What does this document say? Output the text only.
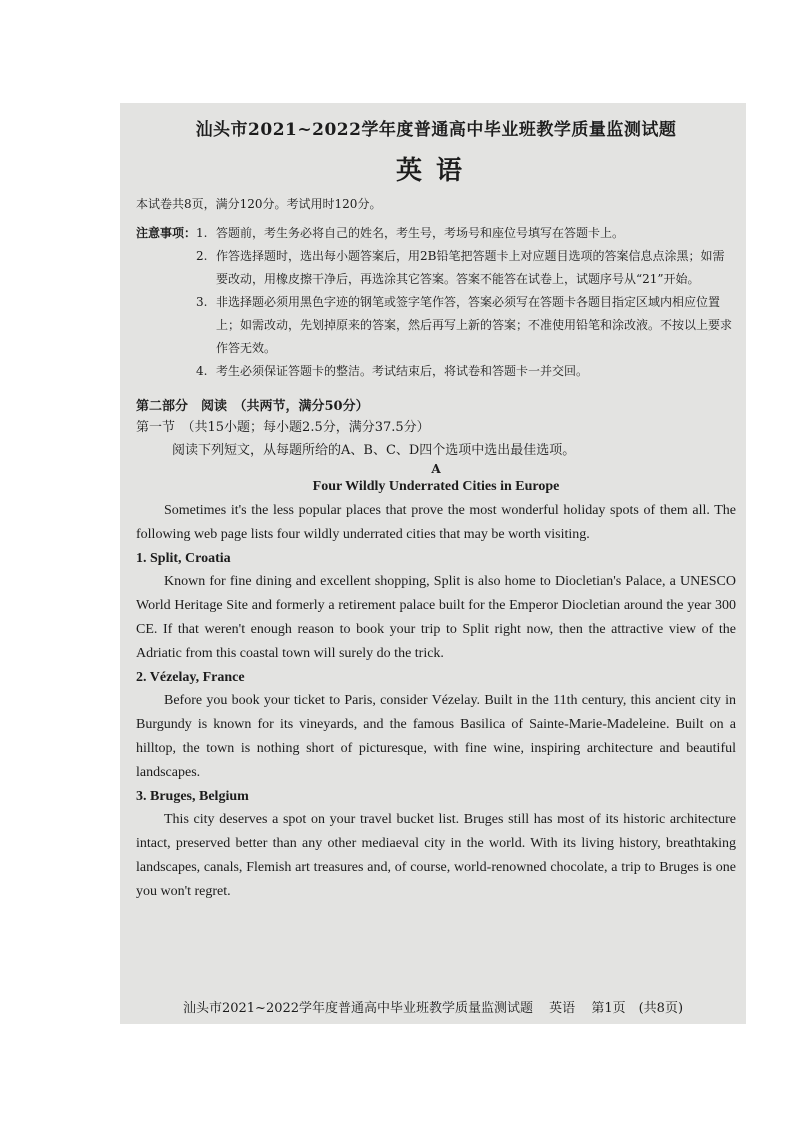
汕头市2021~2022学年度普通高中毕业班教学质量监测试题

英语

本试卷共8页，满分120分。考试用时120分。

注意事项： 1. 答题前，考生务必将自己的姓名，考生号，考场号和座位号填写在答题卡上。
2. 作答选择题时，选出每小题答案后，用2B铅笔把答题卡上对应题目选项的答案信息点涂黑；如需要改动，用橡皮擦干净后，再选涂其它答案。答案不能答在试卷上，试题序号从“21”开始。
3. 非选择题必须用黑色字迹的钢笔或签字笔作答，答案必须写在答题卡各题目指定区域内相应位置上；如需改动，先划掉原来的答案，然后再写上新的答案；不准使用铅笔和涂改液。不按以上要求作答无效。
4. 考生必须保证答题卡的整洁。考试结束后，将试卷和答题卡一并交回。

第二部分　阅读　（共两节，满分50分）

第一节　（共15小题；每小题2.5分，满分37.5分）

阅读下列短文，从每题所给的A、B、C、D四个选项中选出最佳选项。

A

Four Wildly Underrated Cities in Europe

Sometimes it's the less popular places that prove the most wonderful holiday spots of them all. The following web page lists four wildly underrated cities that may be worth visiting.

1. Split, Croatia

Known for fine dining and excellent shopping, Split is also home to Diocletian's Palace, a UNESCO World Heritage Site and formerly a retirement palace built for the Emperor Diocletian around the year 300 CE. If that weren't enough reason to book your trip to Split right now, then the attractive view of the Adriatic from this coastal town will surely do the trick.

2. Vézelay, France

Before you book your ticket to Paris, consider Vézelay. Built in the 11th century, this ancient city in Burgundy is known for its vineyards, and the famous Basilica of Sainte-Marie-Madeleine. Built on a hilltop, the town is nothing short of picturesque, with fine wine, inspiring architecture and beautiful landscapes.

3. Bruges, Belgium

This city deserves a spot on your travel bucket list. Bruges still has most of its historic architecture intact, preserved better than any other mediaeval city in the world. With its living history, breathtaking landscapes, canals, Flemish art treasures and, of course, world-renowned chocolate, a trip to Bruges is one you won't regret.

汕头市2021~2022学年度普通高中毕业班教学质量监测试题 英语 第1页　(共8页)
